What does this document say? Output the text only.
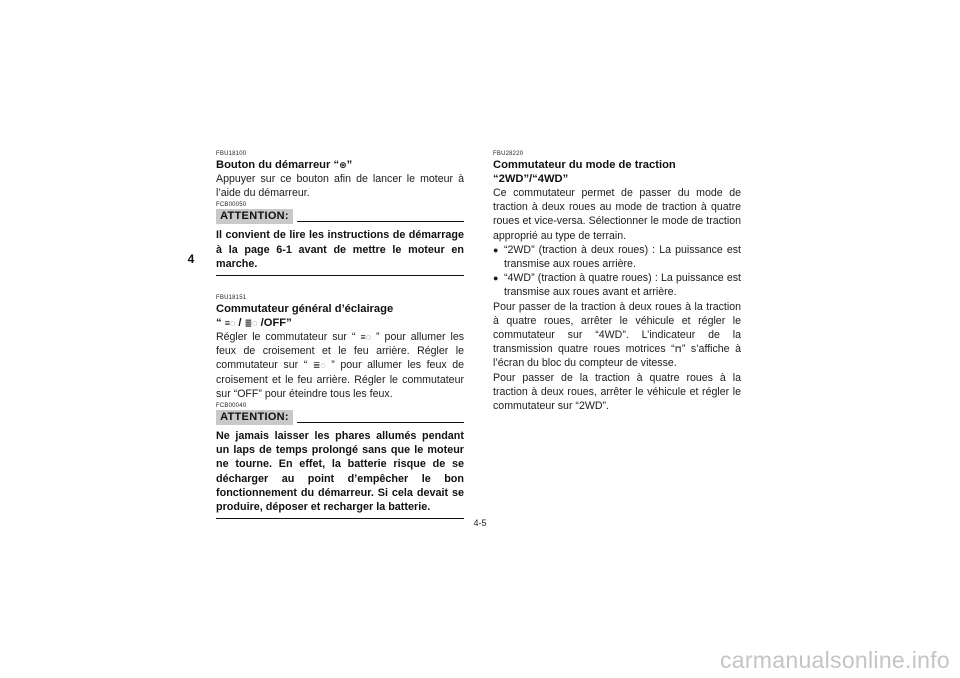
4
FBU18100
Bouton du démarreur “⊛”

Appuyer sur ce bouton afin de lancer le moteur à l’aide du démarreur.

FCB00050
ATTENTION:

Il convient de lire les instructions de démarrage à la page 6-1 avant de mettre le moteur en marche.

FBU18151
Commutateur général d’éclairage
“ ≡◌ / ≣◌ /OFF”

Régler le commutateur sur “ ≡◌ ” pour allumer les feux de croisement et le feu arrière. Régler le commutateur sur “ ≣◌ ” pour allumer les feux de croisement et le feu arrière. Régler le commutateur sur “OFF” pour éteindre tous les feux.

FCB00040
ATTENTION:

Ne jamais laisser les phares allumés pendant un laps de temps prolongé sans que le moteur ne tourne. En effet, la batterie risque de se décharger au point d’empêcher le bon fonctionnement du démarreur. Si cela devait se produire, déposer et recharger la batterie.

FBU28220
Commutateur du mode de traction
“2WD”/“4WD”

Ce commutateur permet de passer du mode de traction à deux roues au mode de traction à quatre roues et vice-versa. Sélectionner le mode de traction approprié au type de terrain.

● “2WD” (traction à deux roues) : La puissance est transmise aux roues arrière.
● “4WD” (traction à quatre roues) : La puissance est transmise aux roues avant et arrière.

Pour passer de la traction à deux roues à la traction à quatre roues, arrêter le véhicule et régler le commutateur sur “4WD”. L’indicateur de la transmission quatre roues motrices “⊓” s’affiche à l’écran du bloc du compteur de vitesse.

Pour passer de la traction à quatre roues à la traction à deux roues, arrêter le véhicule et régler le commutateur sur “2WD”.

4-5
carmanualsonline.info
